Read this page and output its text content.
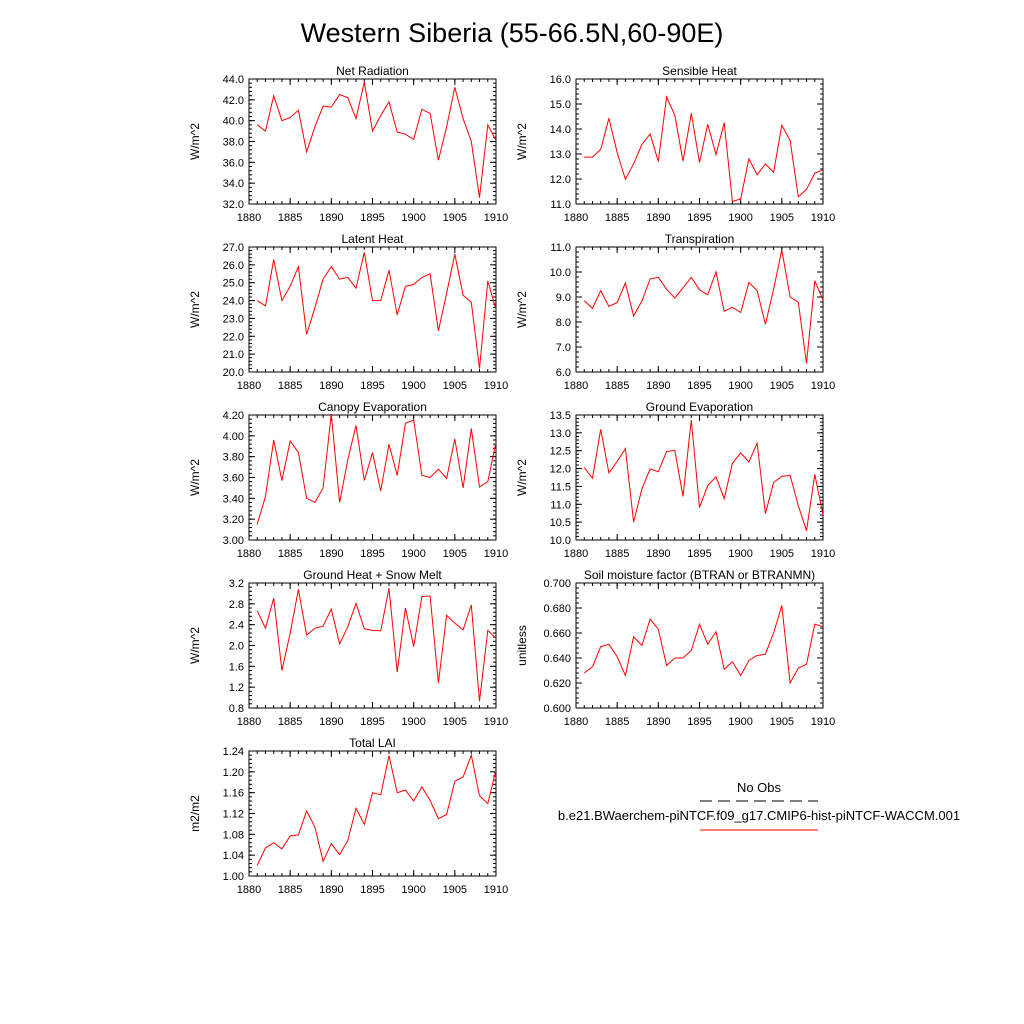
Western Siberia (55-66.5N,60-90E)
Net Radiation
W/m^2
1880 1885 1890 1895 1900 1905 1910
32.0
34.0
36.0
38.0
40.0
42.0
44.0
Sensible Heat
W/m^2
1880 1885 1890 1895 1900 1905 1910
11.0
12.0
13.0
14.0
15.0
16.0
Latent Heat
W/m^2
1880 1885 1890 1895 1900 1905 1910
20.0
21.0
22.0
23.0
24.0
25.0
26.0
27.0
Transpiration
W/m^2
1880 1885 1890 1895 1900 1905 1910
6.0
7.0
8.0
9.0
10.0
11.0
Canopy Evaporation
W/m^2
1880 1885 1890 1895 1900 1905 1910
3.00
3.20
3.40
3.60
3.80
4.00
4.20
Ground Evaporation
W/m^2
1880 1885 1890 1895 1900 1905 1910
10.0
10.5
11.0
11.5
12.0
12.5
13.0
13.5
Ground Heat + Snow Melt
W/m^2
1880 1885 1890 1895 1900 1905 1910
0.8
1.2
1.6
2.0
2.4
2.8
3.2
Soil moisture factor (BTRAN or BTRANMN)
unitless
1880 1885 1890 1895 1900 1905 1910
0.600
0.620
0.640
0.660
0.680
0.700
Total LAI
m2/m2
1880 1885 1890 1895 1900 1905 1910
1.00
1.04
1.08
1.12
1.16
1.20
1.24
No Obs
b.e21.BWaerchem-piNTCF.f09_g17.CMIP6-hist-piNTCF-WACCM.001
